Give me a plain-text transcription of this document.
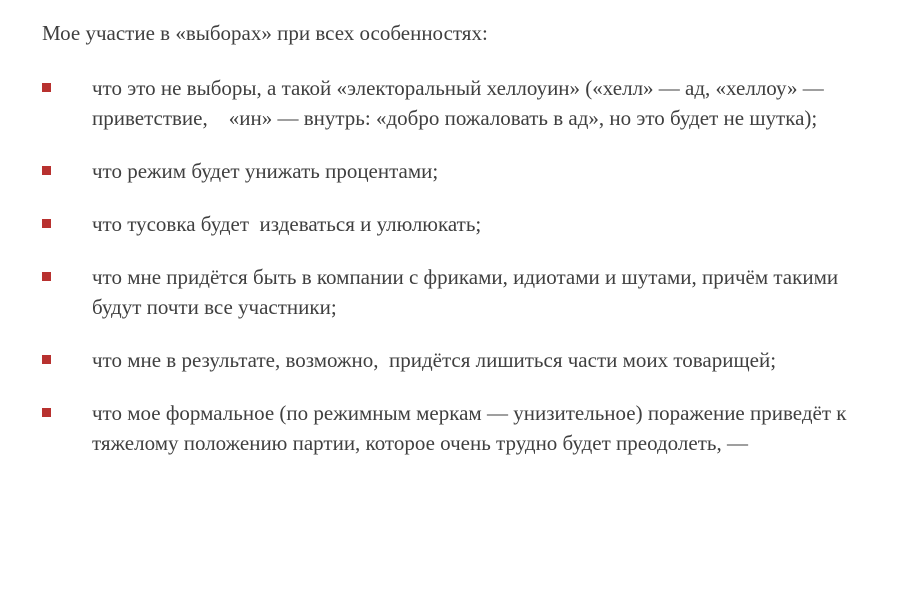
Мое участие в «выборах» при всех особенностях:

что это не выборы, а такой «электоральный хеллоуин» («хелл» — ад, «хеллоу» — приветствие,    «ин» — внутрь: «добро пожаловать в ад», но это будет не шутка);
что режим будет унижать процентами;
что тусовка будет  издеваться и улюлюкать;
что мне придётся быть в компании с фриками, идиотами и шутами, причём такими будут почти все участники;
что мне в результате, возможно,  придётся лишиться части моих товарищей;
что мое формальное (по режимным меркам — унизительное) поражение приведёт к тяжелому положению партии, которое очень трудно будет преодолеть, —
